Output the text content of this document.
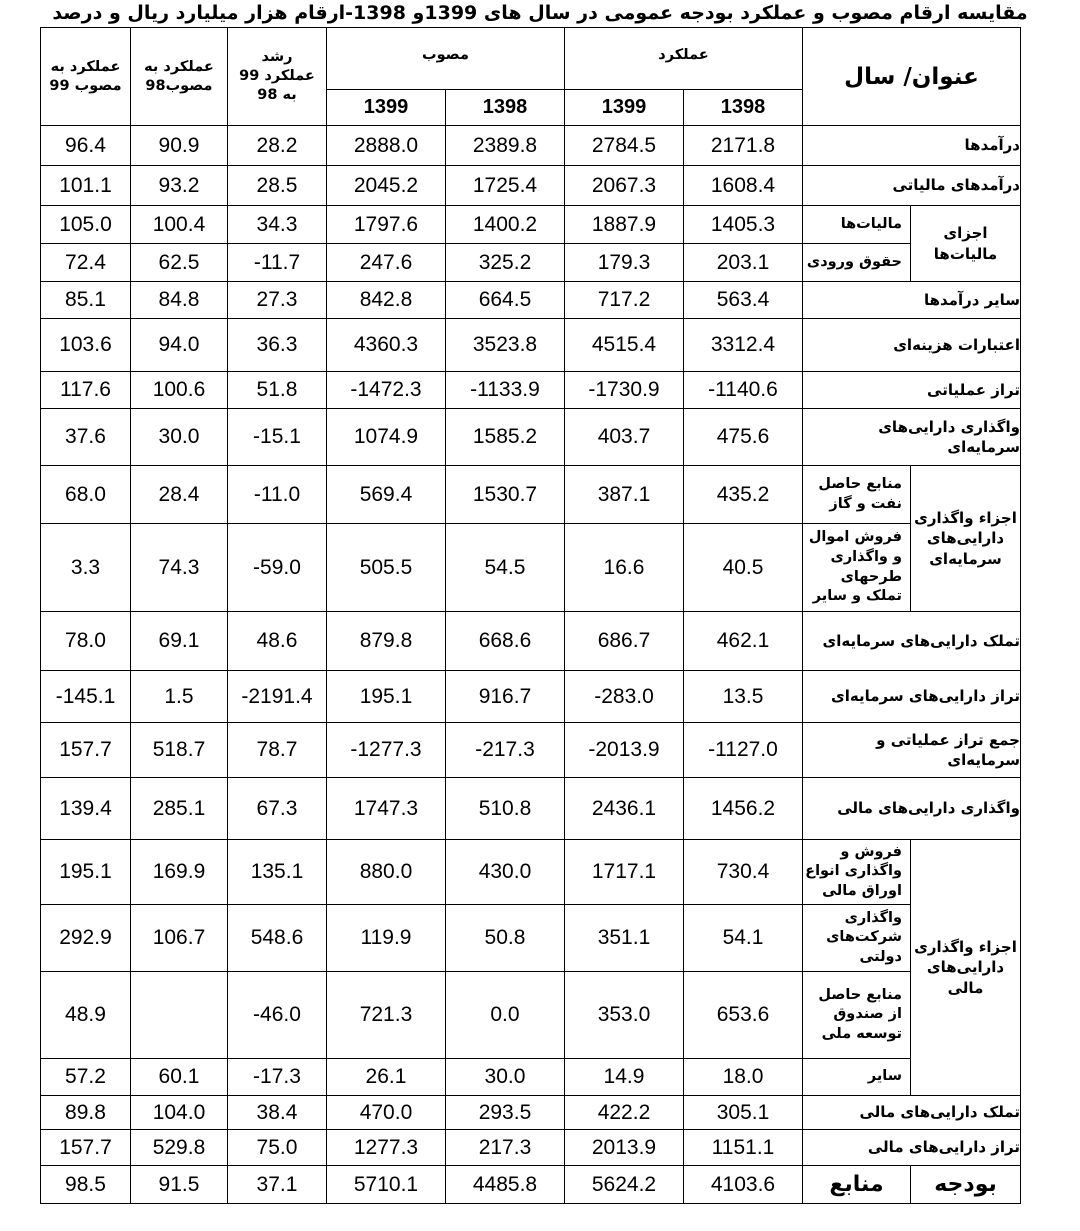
مقایسه ارقام مصوب و عملکرد بودجه عمومی در سال های 1399و 1398-ارقام هزار میلیارد ریال و درصد
عنوان/ سال		عملکرد		مصوب		رشد عملکرد 99 به 98	عملکرد به مصوب98	عملکرد به مصوب 99
		1398	1399	1398	1399			
درآمدها		2171.8	2784.5	2389.8	2888.0	28.2	90.9	96.4
درآمدهای مالیاتی		1608.4	2067.3	1725.4	2045.2	28.5	93.2	101.1
اجزای مالیات‌ها	مالیات‌ها	1405.3	1887.9	1400.2	1797.6	34.3	100.4	105.0
	حقوق ورودی	203.1	179.3	325.2	247.6	-11.7	62.5	72.4
سایر درآمدها		563.4	717.2	664.5	842.8	27.3	84.8	85.1
اعتبارات هزینه‌ای		3312.4	4515.4	3523.8	4360.3	36.3	94.0	103.6
تراز عملیاتی		-1140.6	-1730.9	-1133.9	-1472.3	51.8	100.6	117.6
واگذاری دارایی‌های سرمایه‌ای		475.6	403.7	1585.2	1074.9	-15.1	30.0	37.6
اجزاء واگذاری دارایی‌های سرمایه‌ای	منابع حاصل نفت و گاز	435.2	387.1	1530.7	569.4	-11.0	28.4	68.0
	فروش اموال و واگذاری طرحهای تملک و سایر	40.5	16.6	54.5	505.5	-59.0	74.3	3.3
تملک دارایی‌های سرمایه‌ای		462.1	686.7	668.6	879.8	48.6	69.1	78.0
تراز دارایی‌های سرمایه‌ای		13.5	-283.0	916.7	195.1	-2191.4	1.5	-145.1
جمع تراز عملیاتی و سرمایه‌ای		-1127.0	-2013.9	-217.3	-1277.3	78.7	518.7	157.7
واگذاری دارایی‌های مالی		1456.2	2436.1	510.8	1747.3	67.3	285.1	139.4
اجزاء واگذاری دارایی‌های مالی	فروش و واگذاری انواع اوراق مالی	730.4	1717.1	430.0	880.0	135.1	169.9	195.1
	واگذاری شرکت‌های دولتی	54.1	351.1	50.8	119.9	548.6	106.7	292.9
	منابع حاصل از صندوق توسعه ملی	653.6	353.0	0.0	721.3	-46.0		48.9
	سایر	18.0	14.9	30.0	26.1	-17.3	60.1	57.2
تملک دارایی‌های مالی		305.1	422.2	293.5	470.0	38.4	104.0	89.8
تراز دارایی‌های مالی		1151.1	2013.9	217.3	1277.3	75.0	529.8	157.7
بودجه	منابع	4103.6	5624.2	4485.8	5710.1	37.1	91.5	98.5
